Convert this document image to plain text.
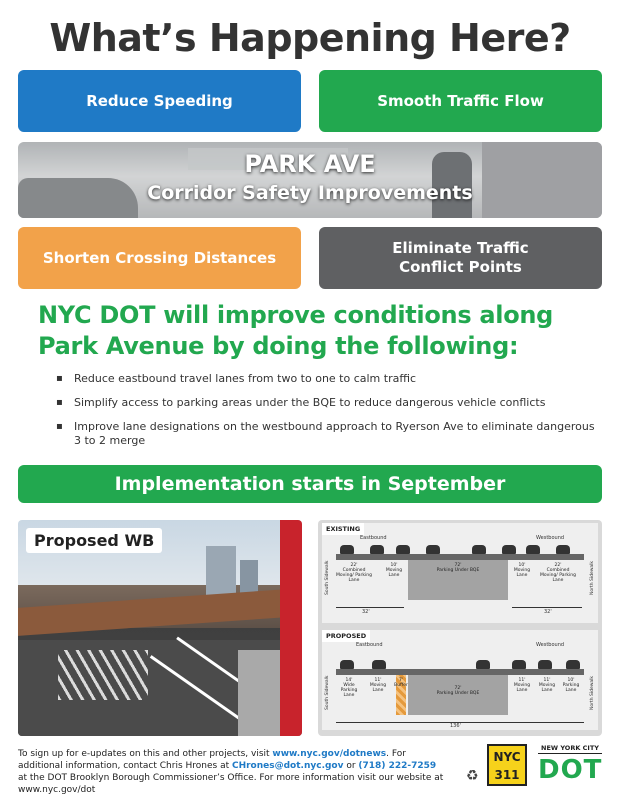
What’s Happening Here?
Reduce Speeding	Smooth Traffic Flow
PARK AVE
Corridor Safety Improvements
Shorten Crossing Distances
Eliminate Traffic
Conflict Points
NYC DOT will improve conditions along
Park Avenue by doing the following:
▪ Reduce eastbound travel lanes from two to one to calm traffic
▪ Simplify access to parking areas under the BQE to reduce dangerous vehicle conflicts
▪ Improve lane designations on the westbound approach to Ryerson Ave to eliminate dangerous 3 to 2 merge
Implementation starts in September
Proposed WB
EXISTING
Eastbound	Westbound
22'
Combined Moving/ Parking Lane
10'
Moving Lane
72'
Parking Under BQE
10'
Moving Lane
22'
Combined Moving/ Parking Lane
South Sidewalk	North Sidewalk
32'	32'
PROPOSED
Eastbound	Westbound
14'
Wide Parking Lane
11'
Moving Lane
7'
Buffer
72'
Parking Under BQE
11'
Moving Lane
11'
Moving Lane
10'
Parking Lane
South Sidewalk	North Sidewalk
136'
To sign up for e-updates on this and other projects, visit www.nyc.gov/dotnews. For additional information, contact Chris Hrones at CHrones@dot.nyc.gov or (718) 222-7259 at the DOT Brooklyn Borough Commissioner’s Office. For more information visit our website at www.nyc.gov/dot
♻
NYC
311
NEW YORK CITY
DOT
